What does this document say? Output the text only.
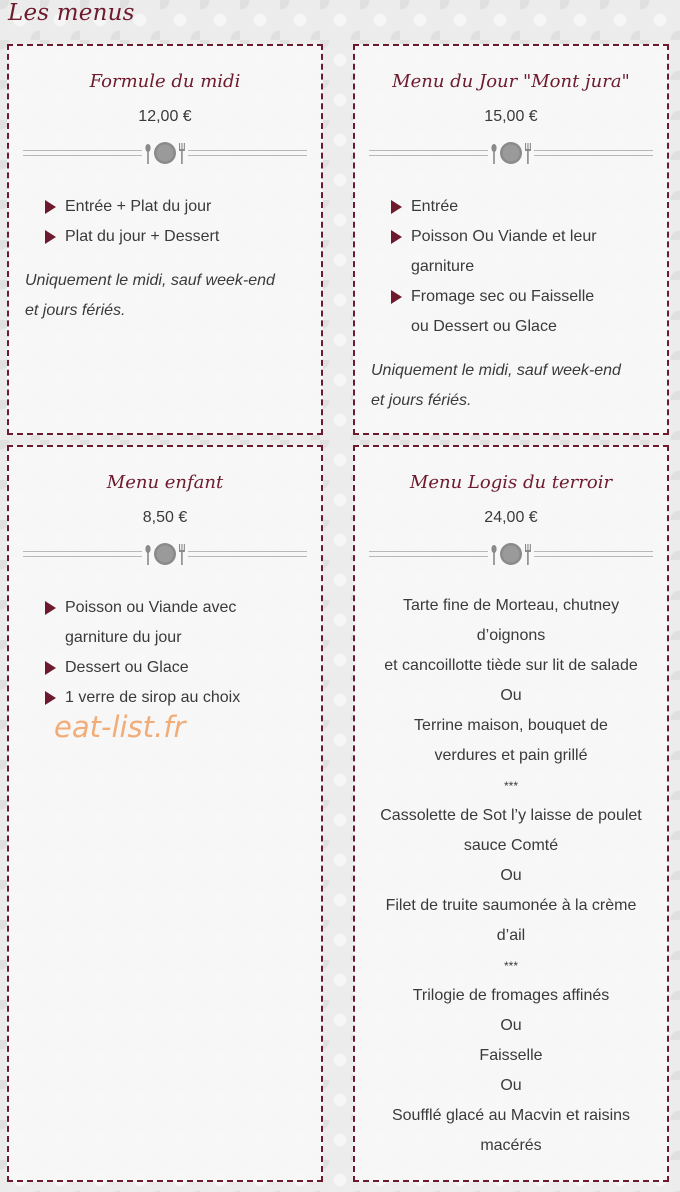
Les menus
Formule du midi
12,00 €
Entrée + Plat du jour
Plat du jour + Dessert
Uniquement le midi, sauf week-end
et jours fériés.
Menu du Jour "Mont jura"
15,00 €
Entrée
Poisson Ou Viande et leur
garniture
Fromage sec ou Faisselle
ou Dessert ou Glace
Uniquement le midi, sauf week-end
et jours fériés.
Menu enfant
8,50 €
Poisson ou Viande avec
garniture du jour
Dessert ou Glace
1 verre de sirop au choix
Menu Logis du terroir
24,00 €
Tarte fine de Morteau, chutney
d’oignons
et cancoillotte tiède sur lit de salade
Ou
Terrine maison, bouquet de
verdures et pain grillé
***
Cassolette de Sot l’y laisse de poulet
sauce Comté
Ou
Filet de truite saumonée à la crème
d’ail
***
Trilogie de fromages affinés
Ou
Faisselle
Ou
Soufflé glacé au Macvin et raisins
macérés
eat-list.fr
